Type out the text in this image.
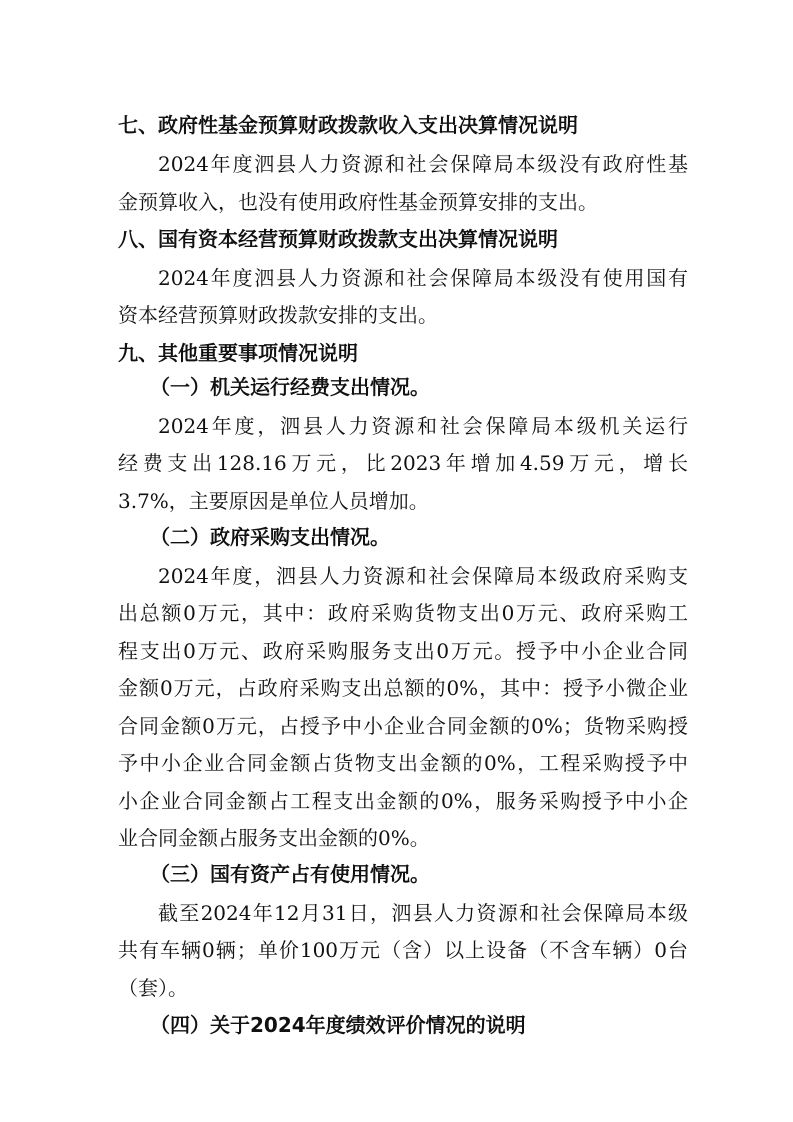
七、政府性基金预算财政拨款收入支出决算情况说明
2024年度泗县人力资源和社会保障局本级没有政府性基
金预算收入，也没有使用政府性基金预算安排的支出。
八、国有资本经营预算财政拨款支出决算情况说明
2024年度泗县人力资源和社会保障局本级没有使用国有
资本经营预算财政拨款安排的支出。
九、其他重要事项情况说明
（一）机关运行经费支出情况。
2024年度，泗县人力资源和社会保障局本级机关运行
经费支出128.16万元，比2023年增加4.59万元，增长
3.7%，主要原因是单位人员增加。
（二）政府采购支出情况。
2024年度，泗县人力资源和社会保障局本级政府采购支
出总额0万元，其中：政府采购货物支出0万元、政府采购工
程支出0万元、政府采购服务支出0万元。授予中小企业合同
金额0万元，占政府采购支出总额的0%，其中：授予小微企业
合同金额0万元，占授予中小企业合同金额的0%；货物采购授
予中小企业合同金额占货物支出金额的0%，工程采购授予中
小企业合同金额占工程支出金额的0%，服务采购授予中小企
业合同金额占服务支出金额的0%。
（三）国有资产占有使用情况。
截至2024年12月31日，泗县人力资源和社会保障局本级
共有车辆0辆；单价100万元（含）以上设备（不含车辆）0台
（套）。
（四）关于2024年度绩效评价情况的说明
